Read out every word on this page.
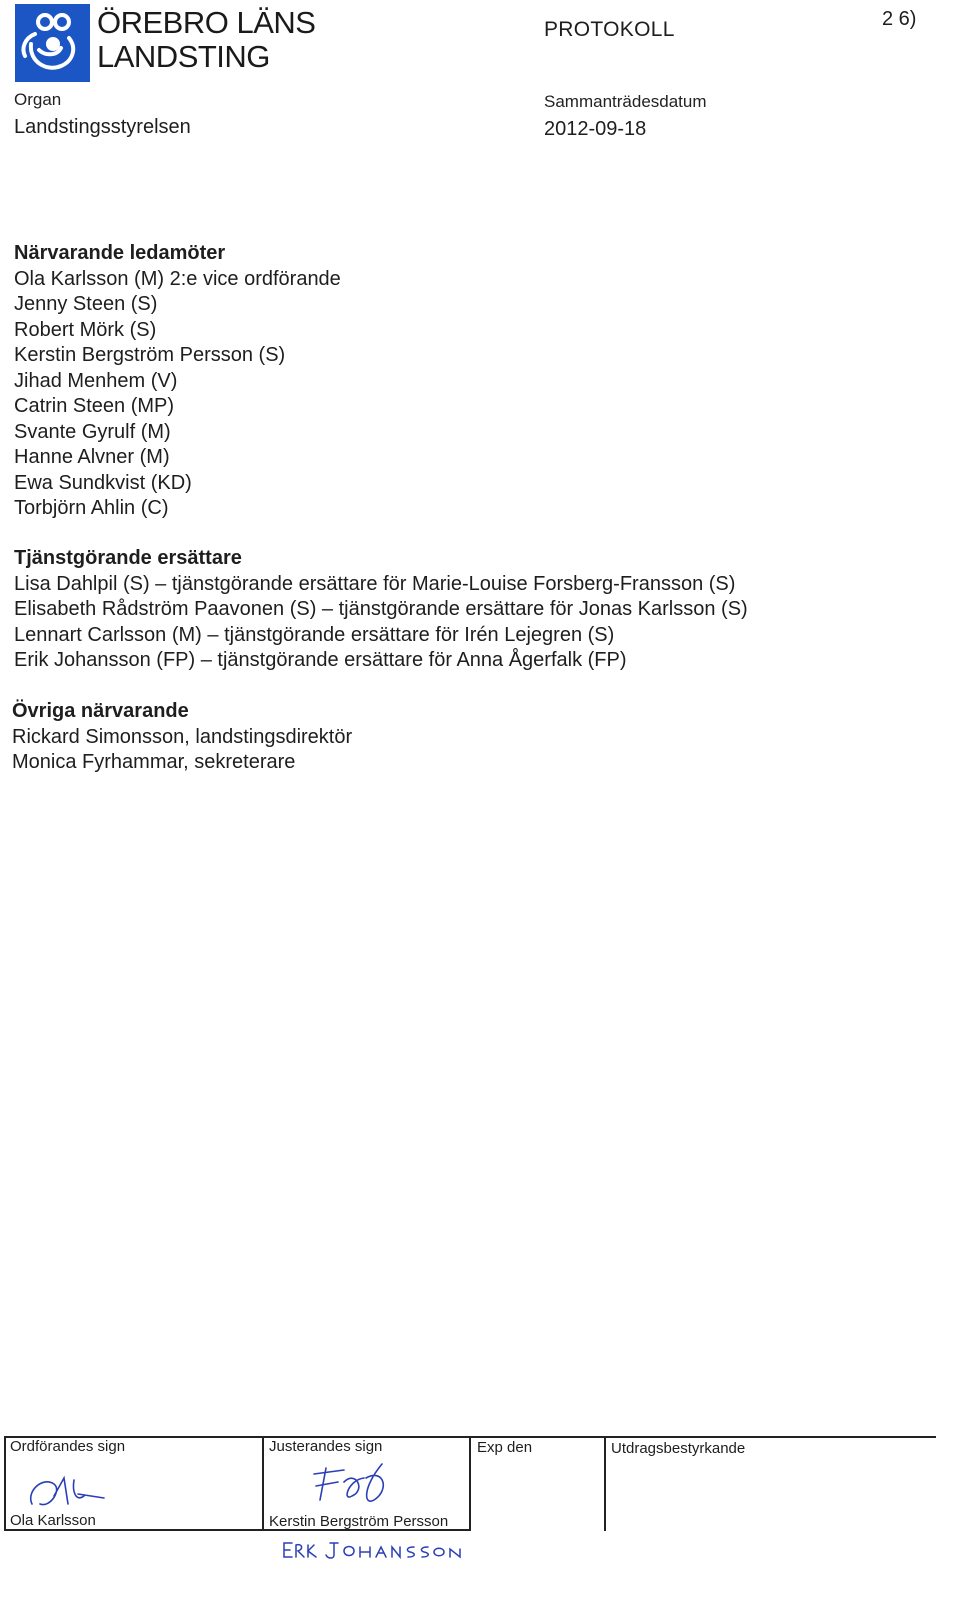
ÖREBRO LÄNS
LANDSTING
PROTOKOLL	2 6)
Organ
Landstingsstyrelsen
Sammanträdesdatum
2012-09-18
Närvarande ledamöter
Ola Karlsson (M) 2:e vice ordförande
Jenny Steen (S)
Robert Mörk (S)
Kerstin Bergström Persson (S)
Jihad Menhem (V)
Catrin Steen (MP)
Svante Gyrulf (M)
Hanne Alvner (M)
Ewa Sundkvist (KD)
Torbjörn Ahlin (C)
Tjänstgörande ersättare
Lisa Dahlpil (S) – tjänstgörande ersättare för Marie-Louise Forsberg-Fransson (S)
Elisabeth Rådström Paavonen (S) – tjänstgörande ersättare för Jonas Karlsson (S)
Lennart Carlsson (M) – tjänstgörande ersättare för Irén Lejegren (S)
Erik Johansson (FP) – tjänstgörande ersättare för Anna Ågerfalk (FP)
Övriga närvarande
Rickard Simonsson, landstingsdirektör
Monica Fyrhammar, sekreterare
Ordförandes sign	Justerandes sign	Exp den	Utdragsbestyrkande
Ola Karlsson	Kerstin Bergström Persson
